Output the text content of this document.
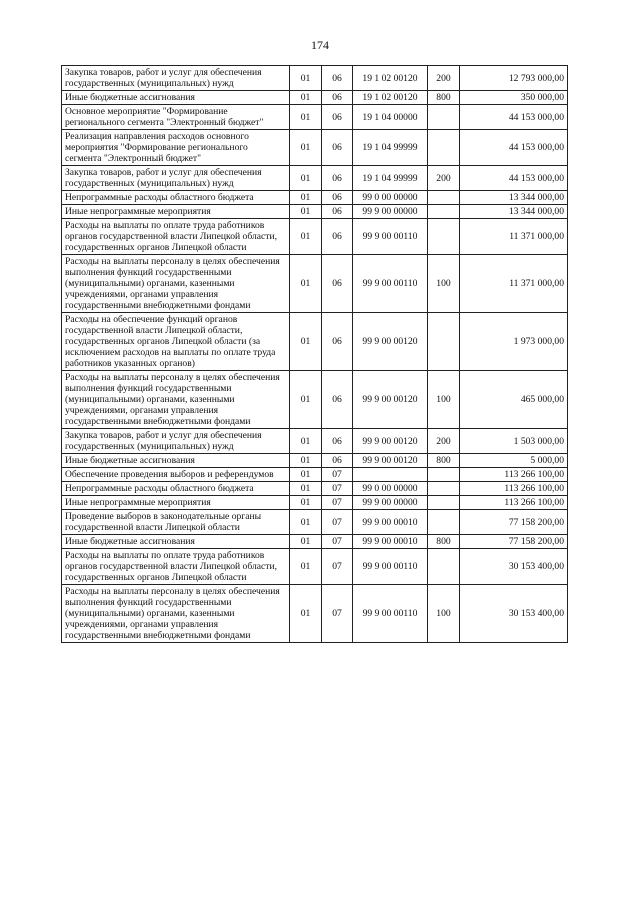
174
Закупка товаров, работ и услуг для обеспечения государственных (муниципальных) нужд	01	06	19 1 02 00120	200	12 793 000,00
Иные бюджетные ассигнования	01	06	19 1 02 00120	800	350 000,00
Основное мероприятие "Формирование регионального сегмента "Электронный бюджет"	01	06	19 1 04 00000		44 153 000,00
Реализация направления расходов основного мероприятия "Формирование регионального сегмента "Электронный бюджет"	01	06	19 1 04 99999		44 153 000,00
Закупка товаров, работ и услуг для обеспечения государственных (муниципальных) нужд	01	06	19 1 04 99999	200	44 153 000,00
Непрограммные расходы областного бюджета	01	06	99 0 00 00000		13 344 000,00
Иные непрограммные мероприятия	01	06	99 9 00 00000		13 344 000,00
Расходы на выплаты по оплате труда работников органов государственной власти Липецкой области, государственных органов Липецкой области	01	06	99 9 00 00110		11 371 000,00
Расходы на выплаты персоналу в целях обеспечения выполнения функций государственными (муниципальными) органами, казенными учреждениями, органами управления государственными внебюджетными фондами	01	06	99 9 00 00110	100	11 371 000,00
Расходы на обеспечение функций органов государственной власти Липецкой области, государственных органов Липецкой области (за исключением расходов на выплаты по оплате труда работников указанных органов)	01	06	99 9 00 00120		1 973 000,00
Расходы на выплаты персоналу в целях обеспечения выполнения функций государственными (муниципальными) органами, казенными учреждениями, органами управления государственными внебюджетными фондами	01	06	99 9 00 00120	100	465 000,00
Закупка товаров, работ и услуг для обеспечения государственных (муниципальных) нужд	01	06	99 9 00 00120	200	1 503 000,00
Иные бюджетные ассигнования	01	06	99 9 00 00120	800	5 000,00
Обеспечение проведения выборов и референдумов	01	07			113 266 100,00
Непрограммные расходы областного бюджета	01	07	99 0 00 00000		113 266 100,00
Иные непрограммные мероприятия	01	07	99 9 00 00000		113 266 100,00
Проведение выборов в законодательные органы государственной власти Липецкой области	01	07	99 9 00 00010		77 158 200,00
Иные бюджетные ассигнования	01	07	99 9 00 00010	800	77 158 200,00
Расходы на выплаты по оплате труда работников органов государственной власти Липецкой области, государственных органов Липецкой области	01	07	99 9 00 00110		30 153 400,00
Расходы на выплаты персоналу в целях обеспечения выполнения функций государственными (муниципальными) органами, казенными учреждениями, органами управления государственными внебюджетными фондами	01	07	99 9 00 00110	100	30 153 400,00
